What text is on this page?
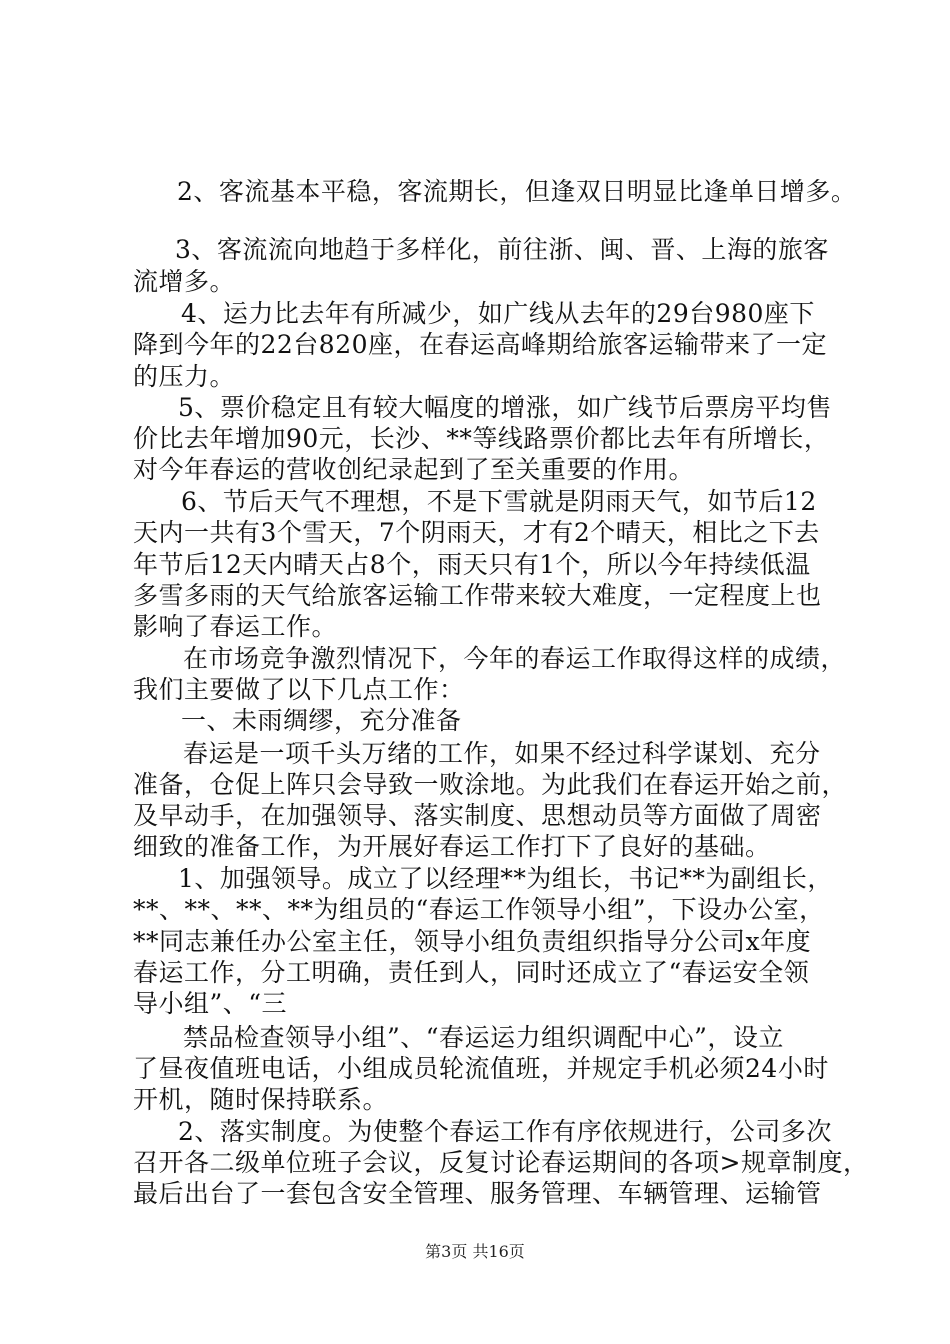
2、客流基本平稳，客流期长，但逢双日明显比逢单日增多。

3、客流流向地趋于多样化，前往浙、闽、晋、上海的旅客

流增多。

4、运力比去年有所减少，如广线从去年的29台980座下

降到今年的22台820座，在春运高峰期给旅客运输带来了一定

的压力。

5、票价稳定且有较大幅度的增涨，如广线节后票房平均售

价比去年增加90元，长沙、**等线路票价都比去年有所增长，

对今年春运的营收创纪录起到了至关重要的作用。

6、节后天气不理想，不是下雪就是阴雨天气，如节后12

天内一共有3个雪天，7个阴雨天，才有2个晴天，相比之下去

年节后12天内晴天占8个，雨天只有1个，所以今年持续低温

多雪多雨的天气给旅客运输工作带来较大难度，一定程度上也

影响了春运工作。

在市场竞争激烈情况下，今年的春运工作取得这样的成绩，

我们主要做了以下几点工作：

一、未雨绸缪，充分准备

春运是一项千头万绪的工作，如果不经过科学谋划、充分

准备，仓促上阵只会导致一败涂地。为此我们在春运开始之前，

及早动手，在加强领导、落实制度、思想动员等方面做了周密

细致的准备工作，为开展好春运工作打下了良好的基础。

1、加强领导。成立了以经理**为组长，书记**为副组长，

**、**、**、**为组员的“春运工作领导小组”，下设办公室，

**同志兼任办公室主任，领导小组负责组织指导分公司x年度

春运工作，分工明确，责任到人，同时还成立了“春运安全领

导小组”、“三

禁品检查领导小组”、“春运运力组织调配中心”，设立

了昼夜值班电话，小组成员轮流值班，并规定手机必须24小时

开机，随时保持联系。

2、落实制度。为使整个春运工作有序依规进行，公司多次

召开各二级单位班子会议，反复讨论春运期间的各项>规章制度，

最后出台了一套包含安全管理、服务管理、车辆管理、运输管

第3页 共16页
